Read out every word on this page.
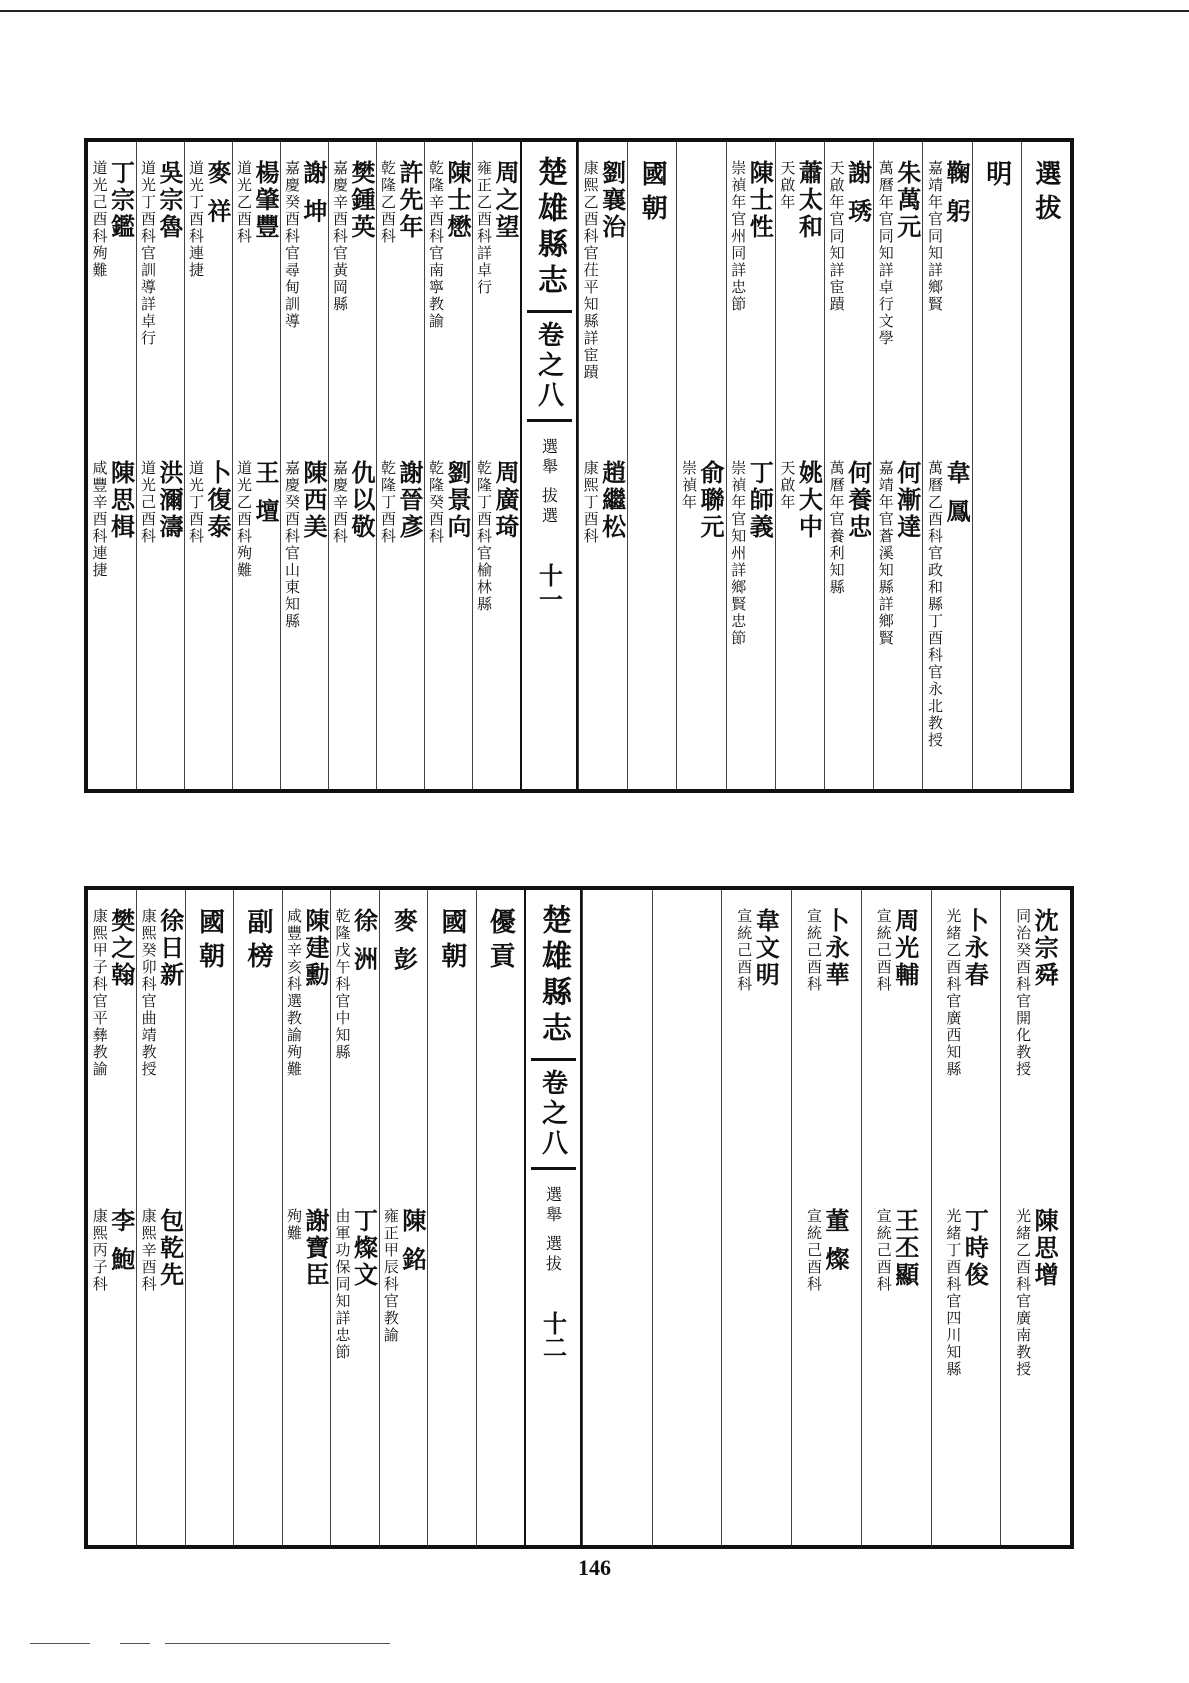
選拔
明
鞠 躬
嘉靖年官同知詳鄉賢
韋 鳳
萬曆乙酉科官政和縣丁酉科官永北教授
朱萬元
萬曆年官同知詳卓行文學
何漸達
嘉靖年官蒼溪知縣詳鄉賢
謝 琇
天啟年官同知詳宦蹟
何養忠
萬曆年官養利知縣
蕭太和
天啟年
姚大中
天啟年
陳士性
崇禎年官州同詳忠節
丁師義
崇禎年官知州詳鄉賢忠節
俞聯元
崇禎年
國朝
劉襄治
康熙乙酉科官茌平知縣詳宦蹟
趙繼松
康熙丁酉科
楚雄縣志
卷之八
選舉 拔選
十一
周之望
雍正乙酉科詳卓行
周廣琦
乾隆丁酉科官榆林縣
陳士懋
乾隆辛酉科官南寧教諭
劉景向
乾隆癸酉科
許先年
乾隆乙酉科
謝晉彥
乾隆丁酉科
樊鍾英
嘉慶辛酉科官黃岡縣
仇以敬
嘉慶辛酉科
謝 坤
嘉慶癸酉科官尋甸訓導
陳西美
嘉慶癸酉科官山東知縣
楊肇豐
道光乙酉科
王 壇
道光乙酉科殉難
麥 祥
道光丁酉科連捷
卜復泰
道光丁酉科
吳宗魯
道光丁酉科官訓導詳卓行
洪濔濤
道光己酉科
丁宗鑑
道光己酉科殉難
陳思楫
咸豐辛酉科連捷
沈宗舜
同治癸酉科官開化教授
陳思增
光緒乙酉科官廣南教授
卜永春
光緒乙酉科官廣西知縣
丁時俊
光緒丁酉科官四川知縣
周光輔
宣統己酉科
王丕顯
宣統己酉科
卜永華
宣統己酉科
董 燦
宣統己酉科
韋文明
宣統己酉科
楚雄縣志
卷之八
選舉 選拔
十二
優貢
國朝
麥 彭
陳 銘
雍正甲辰科官教諭
徐 洲
乾隆戊午科官中知縣
丁燦文
由軍功保同知詳忠節
陳建勳
咸豐辛亥科選教諭殉難
謝寶臣
殉難
副榜
國朝
徐日新
康熙癸卯科官曲靖教授
包乾先
康熙辛酉科
樊之翰
康熙甲子科官平彝教諭
李 鮑
康熙丙子科
146
